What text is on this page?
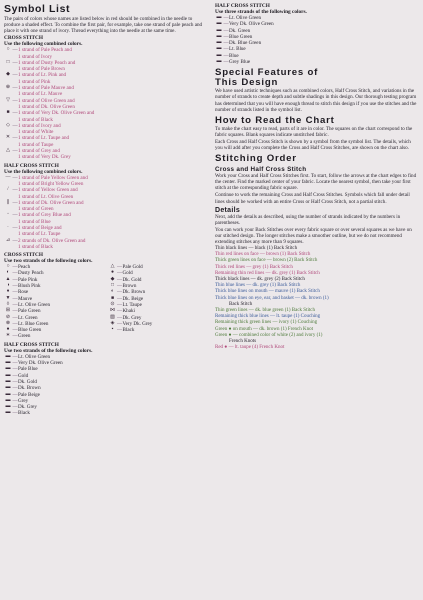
Symbol List

The pairs of colors whose names are listed below in red should be combined in the needle to produce a shaded effect. To combine the first pair, for example, take one strand of pale peach and place it with one strand of ivory. Thread everything into the needle at the same time.

CROSS STITCH
Use the following combined colors.
○ — 1 strand of Pale Peach and
1 strand of Ivory
□ — 1 strand of Dusty Peach and
1 strand of Pale Brown
◆ — 1 strand of Lt. Pink and
1 strand of Pink
⊕ — 1 strand of Pale Mauve and
1 strand of Lt. Mauve
▽ — 1 strand of Olive Green and
1 strand of Dk. Olive Green
■ — 1 strand of Very Dk. Olive Green and
1 strand of Black
◇ — 1 strand of Ivory and
1 strand of White
✕ — 1 strand of Lt. Taupe and
1 strand of Taupe
△ — 1 strand of Grey and
1 strand of Very Dk. Grey
HALF CROSS STITCH
Use the following combined colors.
— — 1 strand of Pale Yellow Green and
1 strand of Bright Yellow Green
/ — 1 strand of Yellow Green and
1 strand of Lt. Olive Green
∥ — 1 strand of Dk. Olive Green and
1 strand of Green
◦ — 1 strand of Grey Blue and
1 strand of Blue
· — 1 strand of Beige and
1 strand of Lt. Taupe
⊿ — 2 strands of Dk. Olive Green and
1 strand of Black
CROSS STITCH
Use two strands of the following colors.
○ — Peach
◐ — Dusty Peach
▲ — Pale Pink
◑ — Blush Pink
♦ — Rose
▼ — Mauve
◊ — Lt. Olive Green
⊞ — Pale Green
⊘ — Lt. Green
⊗ — Lt. Blue Green
● — Blue Green
∗ — Green
△ — Pale Gold
● — Gold
◆ — Dk. Gold
□ — Brown
◐ — Dk. Brown
■ — Dk. Beige
⊙ — Lt. Taupe
⋈ — Khaki
▧ — Dk. Grey
◈ — Very Dk. Grey
▪ — Black
HALF CROSS STITCH
Use two strands of the following colors.
▬ — Lt. Olive Green
▬ — Very Dk. Olive Green
▬ — Pale Blue
▬ — Gold
▬ — Dk. Gold
▬ — Dk. Brown
▬ — Pale Beige
▬ — Grey
▬ — Dk. Grey
▬ — Black
HALF CROSS STITCH
Use three strands of the following colors.
▬ — Lt. Olive Green
▬ — Very Dk. Olive Green
▬ — Dk. Green
▬ — Blue Green
▬ — Dk. Blue Green
▬ — Lt. Blue
▬ — Blue
▬ — Grey Blue
Special Features of
This Design

We have used artistic techniques such as combined colors, Half Cross Stitch, and variations in the number of strands to create depth and subtle shadings in this design. Our thorough testing program has determined that you will have enough thread to stitch this design if you use the stitches and the number of strands listed in the symbol list.

How to Read the Chart

To make the chart easy to read, parts of it are in color. The squares on the chart correspond to the fabric squares. Blank squares indicate unstitched fabric.

Each Cross and Half Cross Stitch is shown by a symbol from the symbol list. The details, which you will add after you complete the Cross and Half Cross Stitches, are shown on the chart also.

Stitching Order
Cross and Half Cross Stitch

Work your Cross and Half Cross Stitches first. To start, follow the arrows at the chart edges to find the center. Find the marked center of your fabric. Locate the nearest symbol, then take your first stitch at the corresponding fabric square.

Continue to work the remaining Cross and Half Cross Stitches. Symbols which fall under detail lines should be worked with an entire Cross or Half Cross Stitch, not a partial stitch.

Details

Next, add the details as described, using the number of strands indicated by the numbers in parentheses.

You can work your Back Stitches over every fabric square or over several squares as we have on our stitched design. The longer stitches make a smoother outline, but we do not recommend extending stitches any more than 9 squares.

Thin black lines — black (1) Back Stitch
Thin red lines on face — brown (1) Back Stitch
Thick green lines on face — brown (2) Back Stitch
Thick red lines — grey (1) Back Stitch
Remaining thin red lines — dk. grey (1) Back Stitch
Thick black lines — dk. grey (2) Back Stitch
Thin blue lines — dk. grey (1) Back Stitch
Thick blue lines on mouth — mauve (1) Back Stitch
Thick blue lines on eye, ear, and basket — dk. brown (1)
Back Stitch
Thin green lines — dk. blue green (1) Back Stitch
Remaining thick blue lines — lt. taupe (1) Couching
Remaining thick green lines — ivory (1) Couching
Green ● on mouth — dk. brown (1) French Knot
Green ● — combined color of white (2) and ivory (1)
French Knots
Red ● — lt. taupe (4) French Knot
